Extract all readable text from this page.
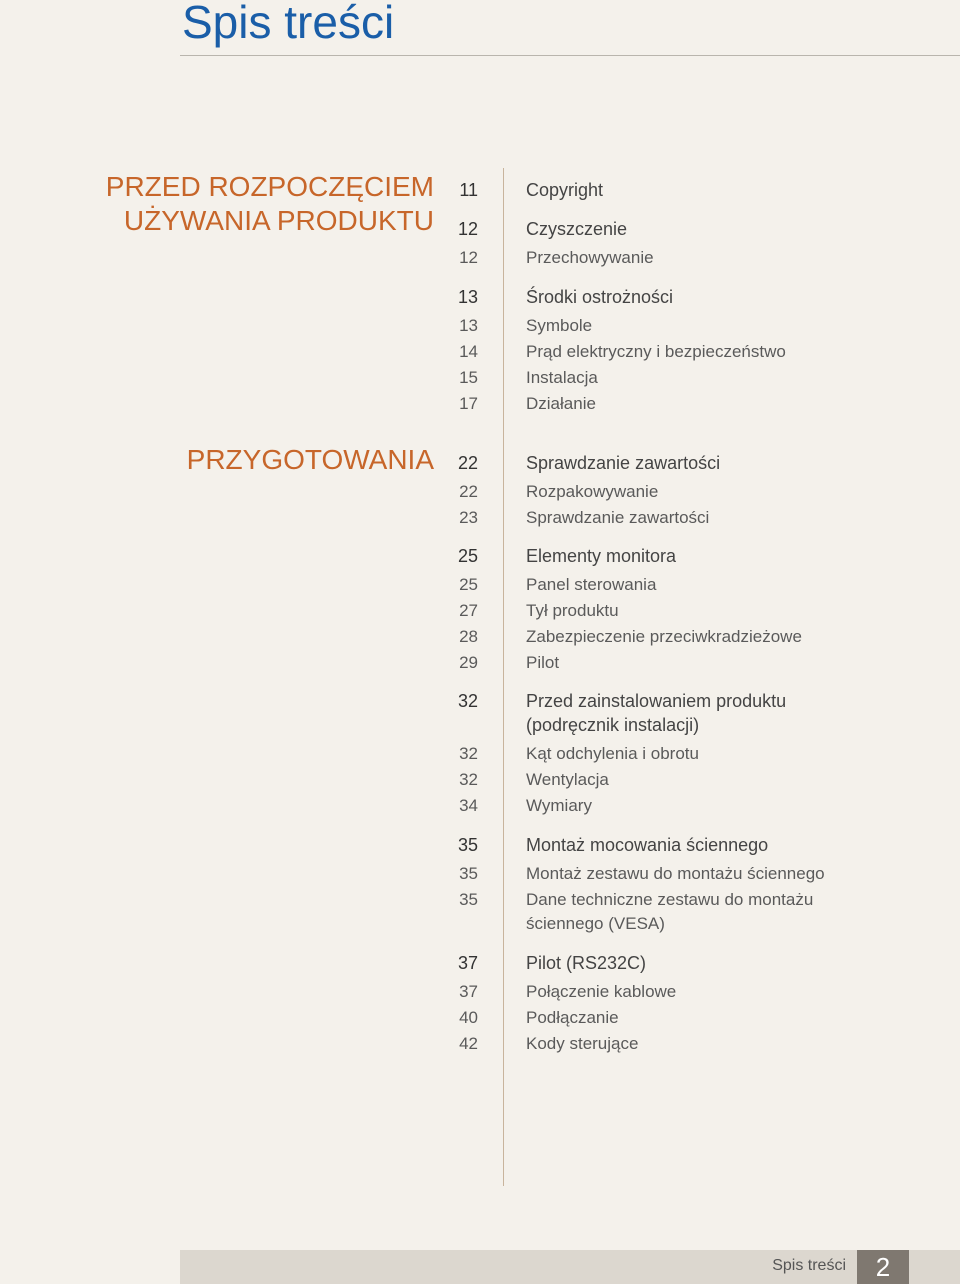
Spis treści
PRZED ROZPOCZĘCIEM
UŻYWANIA PRODUKTU
PRZYGOTOWANIA
11	Copyright
12	Czyszczenie
12	Przechowywanie
13	Środki ostrożności
13	Symbole
14	Prąd elektryczny i bezpieczeństwo
15	Instalacja
17	Działanie
22	Sprawdzanie zawartości
22	Rozpakowywanie
23	Sprawdzanie zawartości
25	Elementy monitora
25	Panel sterowania
27	Tył produktu
28	Zabezpieczenie przeciwkradzieżowe
29	Pilot
32	Przed zainstalowaniem produktu
(podręcznik instalacji)
32	Kąt odchylenia i obrotu
32	Wentylacja
34	Wymiary
35	Montaż mocowania ściennego
35	Montaż zestawu do montażu ściennego
35	Dane techniczne zestawu do montażu
ściennego (VESA)
37	Pilot (RS232C)
37	Połączenie kablowe
40	Podłączanie
42	Kody sterujące
Spis treści	2
